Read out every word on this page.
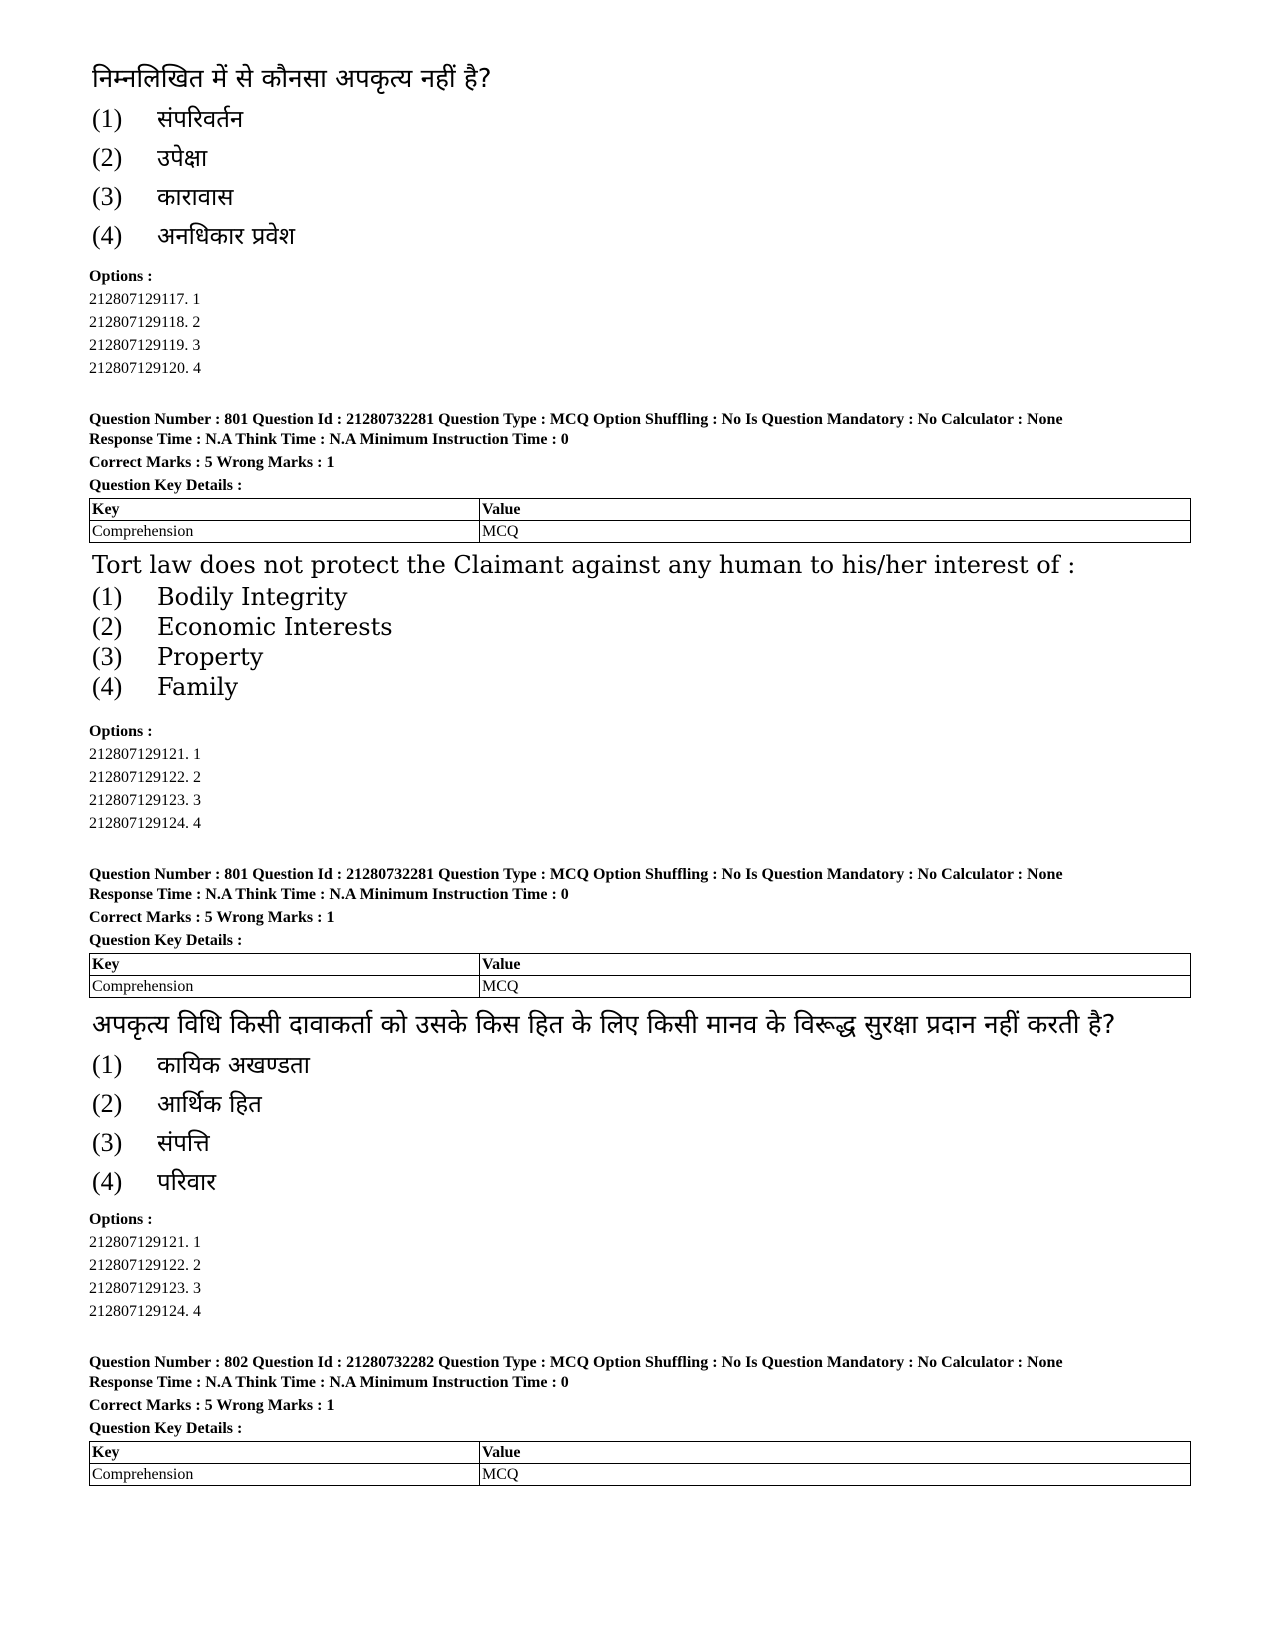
निम्नलिखित में से कौनसा अपकृत्य नहीं है?

(1)	संपरिवर्तन
(2)	उपेक्षा
(3)	कारावास
(4)	अनधिकार प्रवेश
Options :
212807129117. 1
212807129118. 2
212807129119. 3
212807129120. 4
Question Number : 801 Question Id : 21280732281 Question Type : MCQ Option Shuffling : No Is Question Mandatory : No Calculator : None
Response Time : N.A Think Time : N.A Minimum Instruction Time : 0
Correct Marks : 5 Wrong Marks : 1
Question Key Details :
Key	Value
Comprehension	MCQ

Tort law does not protect the Claimant against any human to his/her interest of :

(1)	Bodily Integrity
(2)	Economic Interests
(3)	Property
(4)	Family
Options :
212807129121. 1
212807129122. 2
212807129123. 3
212807129124. 4
Question Number : 801 Question Id : 21280732281 Question Type : MCQ Option Shuffling : No Is Question Mandatory : No Calculator : None
Response Time : N.A Think Time : N.A Minimum Instruction Time : 0
Correct Marks : 5 Wrong Marks : 1
Question Key Details :
Key	Value
Comprehension	MCQ

अपकृत्य विधि किसी दावाकर्ता को उसके किस हित के लिए किसी मानव के विरूद्ध सुरक्षा प्रदान नहीं करती है?

(1)	कायिक अखण्डता
(2)	आर्थिक हित
(3)	संपत्ति
(4)	परिवार
Options :
212807129121. 1
212807129122. 2
212807129123. 3
212807129124. 4
Question Number : 802 Question Id : 21280732282 Question Type : MCQ Option Shuffling : No Is Question Mandatory : No Calculator : None
Response Time : N.A Think Time : N.A Minimum Instruction Time : 0
Correct Marks : 5 Wrong Marks : 1
Question Key Details :
Key	Value
Comprehension	MCQ
